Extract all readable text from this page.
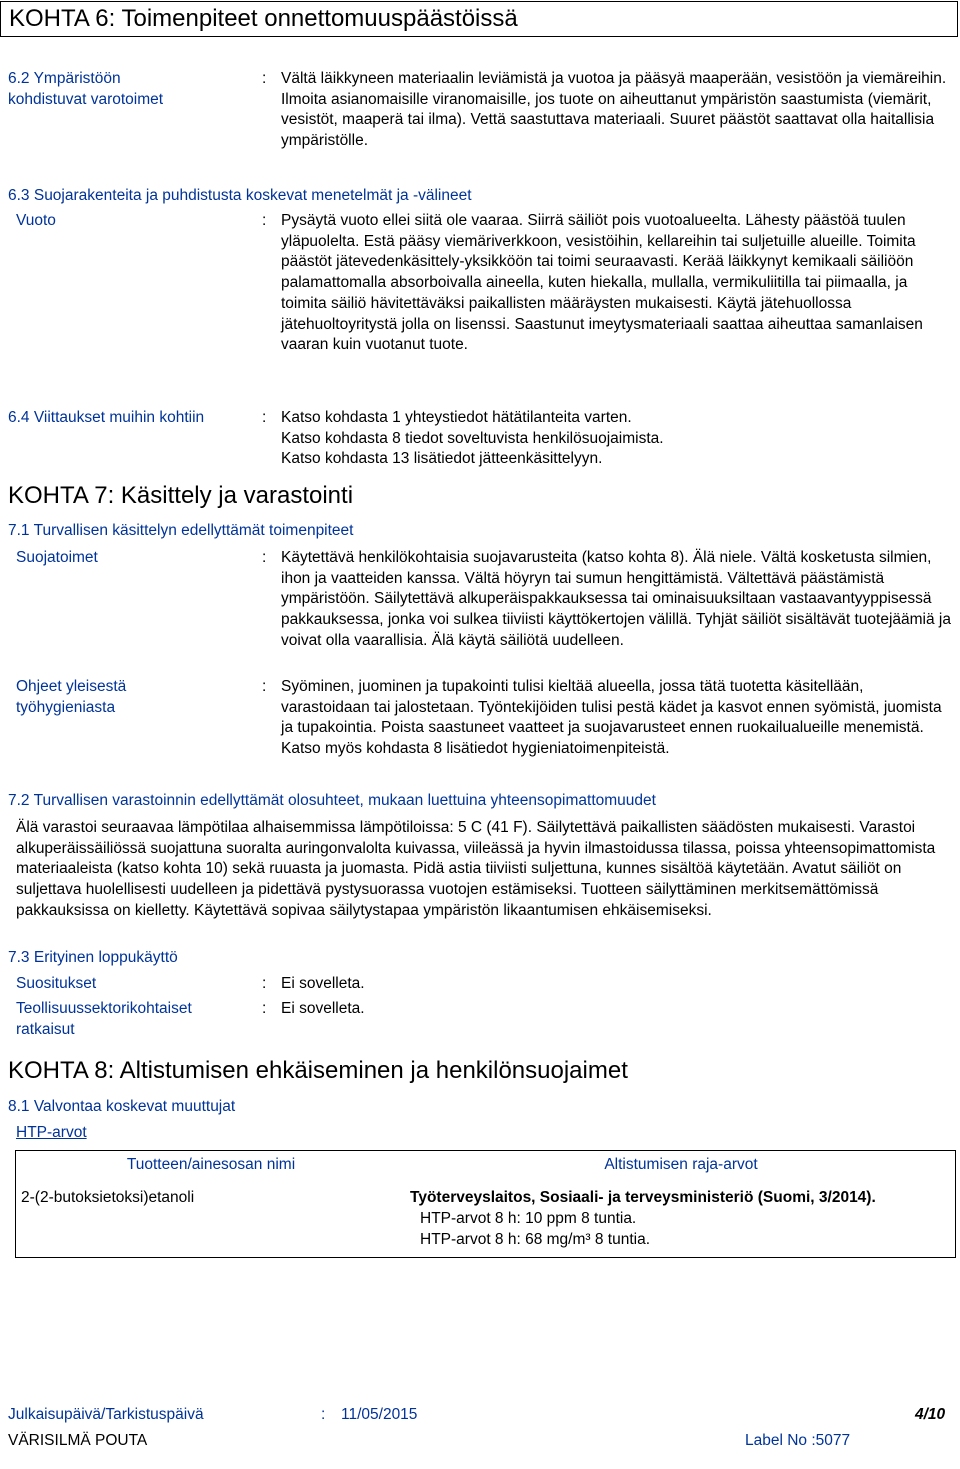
KOHTA 6: Toimenpiteet onnettomuuspäästöissä
6.2 Ympäristöön
kohdistuvat varotoimet
: Vältä läikkyneen materiaalin leviämistä ja vuotoa ja pääsyä maaperään, vesistöön ja viemäreihin. Ilmoita asianomaisille viranomaisille, jos tuote on aiheuttanut ympäristön saastumista (viemärit, vesistöt, maaperä tai ilma). Vettä saastuttava materiaali. Suuret päästöt saattavat olla haitallisia ympäristölle.
6.3 Suojarakenteita ja puhdistusta koskevat menetelmät ja -välineet
Vuoto	: Pysäytä vuoto ellei siitä ole vaaraa. Siirrä säiliöt pois vuotoalueelta. Lähesty päästöä tuulen yläpuolelta. Estä pääsy viemäriverkkoon, vesistöihin, kellareihin tai suljetuille alueille. Toimita päästöt jätevedenkäsittely-yksikköön tai toimi seuraavasti. Kerää läikkynyt kemikaali säiliöön palamattomalla absorboivalla aineella, kuten hiekalla, mullalla, vermikuliitilla tai piimaalla, ja toimita säiliö hävitettäväksi paikallisten määräysten mukaisesti. Käytä jätehuollossa jätehuoltoyritystä jolla on lisenssi. Saastunut imeytysmateriaali saattaa aiheuttaa samanlaisen vaaran kuin vuotanut tuote.
6.4 Viittaukset muihin kohtiin	: Katso kohdasta 1 yhteystiedot hätätilanteita varten.

Katso kohdasta 8 tiedot soveltuvista henkilösuojaimista.

Katso kohdasta 13 lisätiedot jätteenkäsittelyyn.

KOHTA 7: Käsittely ja varastointi
7.1 Turvallisen käsittelyn edellyttämät toimenpiteet
Suojatoimet	: Käytettävä henkilökohtaisia suojavarusteita (katso kohta 8). Älä niele. Vältä kosketusta silmien, ihon ja vaatteiden kanssa. Vältä höyryn tai sumun hengittämistä. Vältettävä päästämistä ympäristöön. Säilytettävä alkuperäispakkauksessa tai ominaisuuksiltaan vastaavantyyppisessä pakkauksessa, jonka voi sulkea tiiviisti käyttökertojen välillä. Tyhjät säiliöt sisältävät tuotejäämiä ja voivat olla vaarallisia. Älä käytä säiliötä uudelleen.
Ohjeet yleisestä
työhygieniasta
: Syöminen, juominen ja tupakointi tulisi kieltää alueella, jossa tätä tuotetta käsitellään, varastoidaan tai jalostetaan. Työntekijöiden tulisi pestä kädet ja kasvot ennen syömistä, juomista ja tupakointia. Poista saastuneet vaatteet ja suojavarusteet ennen ruokailualueille menemistä. Katso myös kohdasta 8 lisätiedot hygieniatoimenpiteistä.
7.2 Turvallisen varastoinnin edellyttämät olosuhteet, mukaan luettuina yhteensopimattomuudet
Älä varastoi seuraavaa lämpötilaa alhaisemmissa lämpötiloissa: 5 C (41 F). Säilytettävä paikallisten säädösten mukaisesti. Varastoi alkuperäissäiliössä suojattuna suoralta auringonvalolta kuivassa, viileässä ja hyvin ilmastoidussa tilassa, poissa yhteensopimattomista materiaaleista (katso kohta 10) sekä ruuasta ja juomasta. Pidä astia tiiviisti suljettuna, kunnes sisältöä käytetään. Avatut säiliöt on suljettava huolellisesti uudelleen ja pidettävä pystysuorassa vuotojen estämiseksi. Tuotteen säilyttäminen merkitsemättömissä pakkauksissa on kielletty. Käytettävä sopivaa säilytystapaa ympäristön likaantumisen ehkäisemiseksi.
7.3 Erityinen loppukäyttö
Suositukset	: Ei sovelleta.
Teollisuussektorikohtaiset
ratkaisut
: Ei sovelleta.
KOHTA 8: Altistumisen ehkäiseminen ja henkilönsuojaimet
8.1 Valvontaa koskevat muuttujat
HTP-arvot
Tuotteen/ainesosan nimi	Altistumisen raja-arvot
2-(2-butoksietoksi)etanoli	Työterveyslaitos, Sosiaali- ja terveysministeriö (Suomi, 3/2014).
HTP-arvot 8 h: 10 ppm 8 tuntia.
HTP-arvot 8 h: 68 mg/m³ 8 tuntia.
Julkaisupäivä/Tarkistuspäivä	: 11/05/2015	4/10
VÄRISILMÄ POUTA	Label No :5077
